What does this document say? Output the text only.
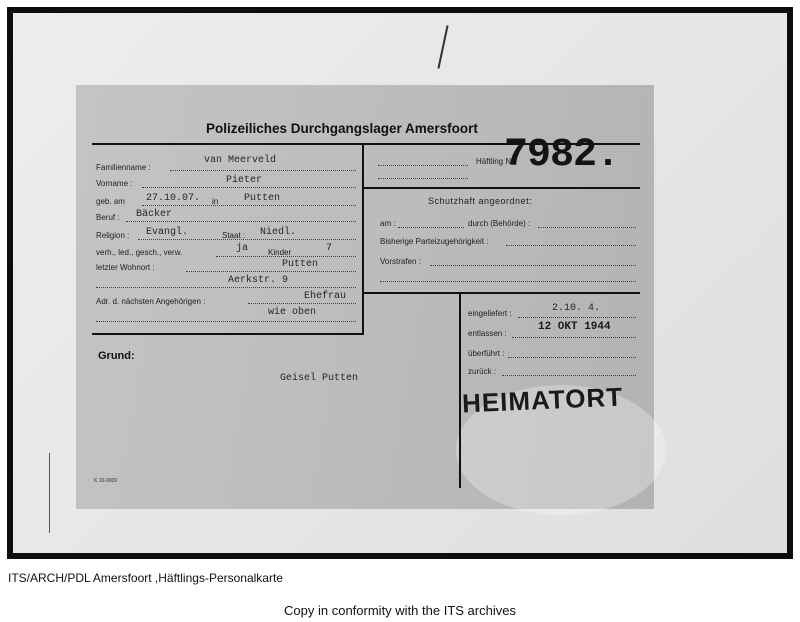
Polizeiliches Durchgangslager Amersfoort
7982.
Häftling Nr.
Familienname :
van Meerveld
Vorname :	Pieter
geb. am 27.10.07. in	Putten
Beruf : Bäcker
Religion : Evangl.	Staat : Niedl.
verh., led., gesch., verw.	ja Kinder	7
letzter Wohnort :	Putten
Aerkstr. 9
Adr. d. nächsten Angehörigen :	Ehefrau
wie oben
Schutzhaft angeordnet:
am :	durch (Behörde) :
Bisherige Parteizugehörigkeit :
Vorstrafen :
eingeliefert :	2.10. 4.
entlassen :
12 OKT 1944
überführt :
zurück :
Grund:
Geisel Putten
HEIMATORT
K 10-0009
ITS/ARCH/PDL Amersfoort ,Häftlings-Personalkarte
Copy in conformity with the ITS archives
